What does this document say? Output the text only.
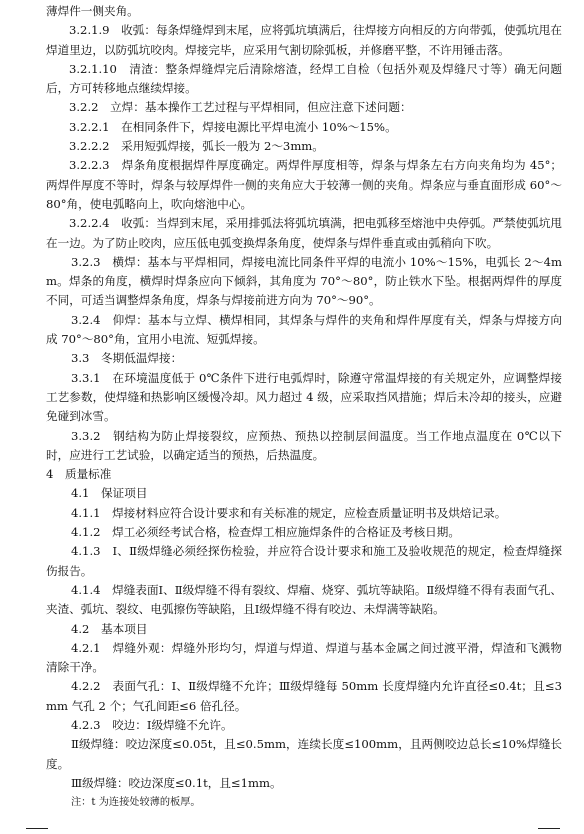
薄焊件一侧夹角。

3.2.1.9　收弧：每条焊缝焊到末尾，应将弧坑填满后，往焊接方向相反的方向带弧，使弧坑甩在焊道里边，以防弧坑咬肉。焊接完毕，应采用气割切除弧板，并修磨平整，不许用锤击落。

3.2.1.10　清渣：整条焊缝焊完后清除熔渣，经焊工自检（包括外观及焊缝尺寸等）确无问题后，方可转移地点继续焊接。

3.2.2　立焊：基本操作工艺过程与平焊相同，但应注意下述问题：

3.2.2.1　在相同条件下，焊接电源比平焊电流小 10%～15%。

3.2.2.2　采用短弧焊接，弧长一般为 2～3mm。

3.2.2.3　焊条角度根据焊件厚度确定。两焊件厚度相等，焊条与焊条左右方向夹角均为 45°；两焊件厚度不等时，焊条与较厚焊件一侧的夹角应大于较薄一侧的夹角。焊条应与垂直面形成 60°～80°角，使电弧略向上，吹向熔池中心。

3.2.2.4　收弧：当焊到末尾，采用排弧法将弧坑填满，把电弧移至熔池中央停弧。严禁使弧坑甩在一边。为了防止咬肉，应压低电弧变换焊条角度，使焊条与焊件垂直或由弧稍向下吹。

3.2.3　横焊：基本与平焊相同，焊接电流比同条件平焊的电流小 10%～15%，电弧长 2～4mm。焊条的角度，横焊时焊条应向下倾斜，其角度为 70°～80°，防止铁水下坠。根据两焊件的厚度不同，可适当调整焊条角度，焊条与焊接前进方向为 70°～90°。

3.2.4　仰焊：基本与立焊、横焊相同，其焊条与焊件的夹角和焊件厚度有关，焊条与焊接方向成 70°～80°角，宜用小电流、短弧焊接。

3.3　冬期低温焊接：

3.3.1　在环境温度低于 0℃条件下进行电弧焊时，除遵守常温焊接的有关规定外，应调整焊接工艺参数，使焊缝和热影响区缓慢冷却。风力超过 4 级，应采取挡风措施；焊后未冷却的接头，应避免碰到冰雪。

3.3.2　钢结构为防止焊接裂纹，应预热、预热以控制层间温度。当工作地点温度在 0℃以下时，应进行工艺试验，以确定适当的预热，后热温度。

4　质量标准

4.1　保证项目

4.1.1　焊接材料应符合设计要求和有关标准的规定，应检查质量证明书及烘焙记录。

4.1.2　焊工必须经考试合格，检查焊工相应施焊条件的合格证及考核日期。

4.1.3　Ⅰ、Ⅱ级焊缝必须经探伤检验，并应符合设计要求和施工及验收规范的规定，检查焊缝探伤报告。

4.1.4　焊缝表面Ⅰ、Ⅱ级焊缝不得有裂纹、焊瘤、烧穿、弧坑等缺陷。Ⅱ级焊缝不得有表面气孔、夹渣、弧坑、裂纹、电弧擦伤等缺陷，且Ⅰ级焊缝不得有咬边、未焊满等缺陷。

4.2　基本项目

4.2.1　焊缝外观：焊缝外形均匀，焊道与焊道、焊道与基本金属之间过渡平滑，焊渣和飞溅物清除干净。

4.2.2　表面气孔：Ⅰ、Ⅱ级焊缝不允许；Ⅲ级焊缝每 50mm 长度焊缝内允许直径≤0.4t；且≤3mm 气孔 2 个；气孔间距≤6 倍孔径。

4.2.3　咬边：Ⅰ级焊缝不允许。

Ⅱ级焊缝：咬边深度≤0.05t，且≤0.5mm，连续长度≤100mm，且两侧咬边总长≤10%焊缝长度。

Ⅲ级焊缝：咬边深度≤0.1t，且≤1mm。

注：t 为连接处较薄的板厚。
